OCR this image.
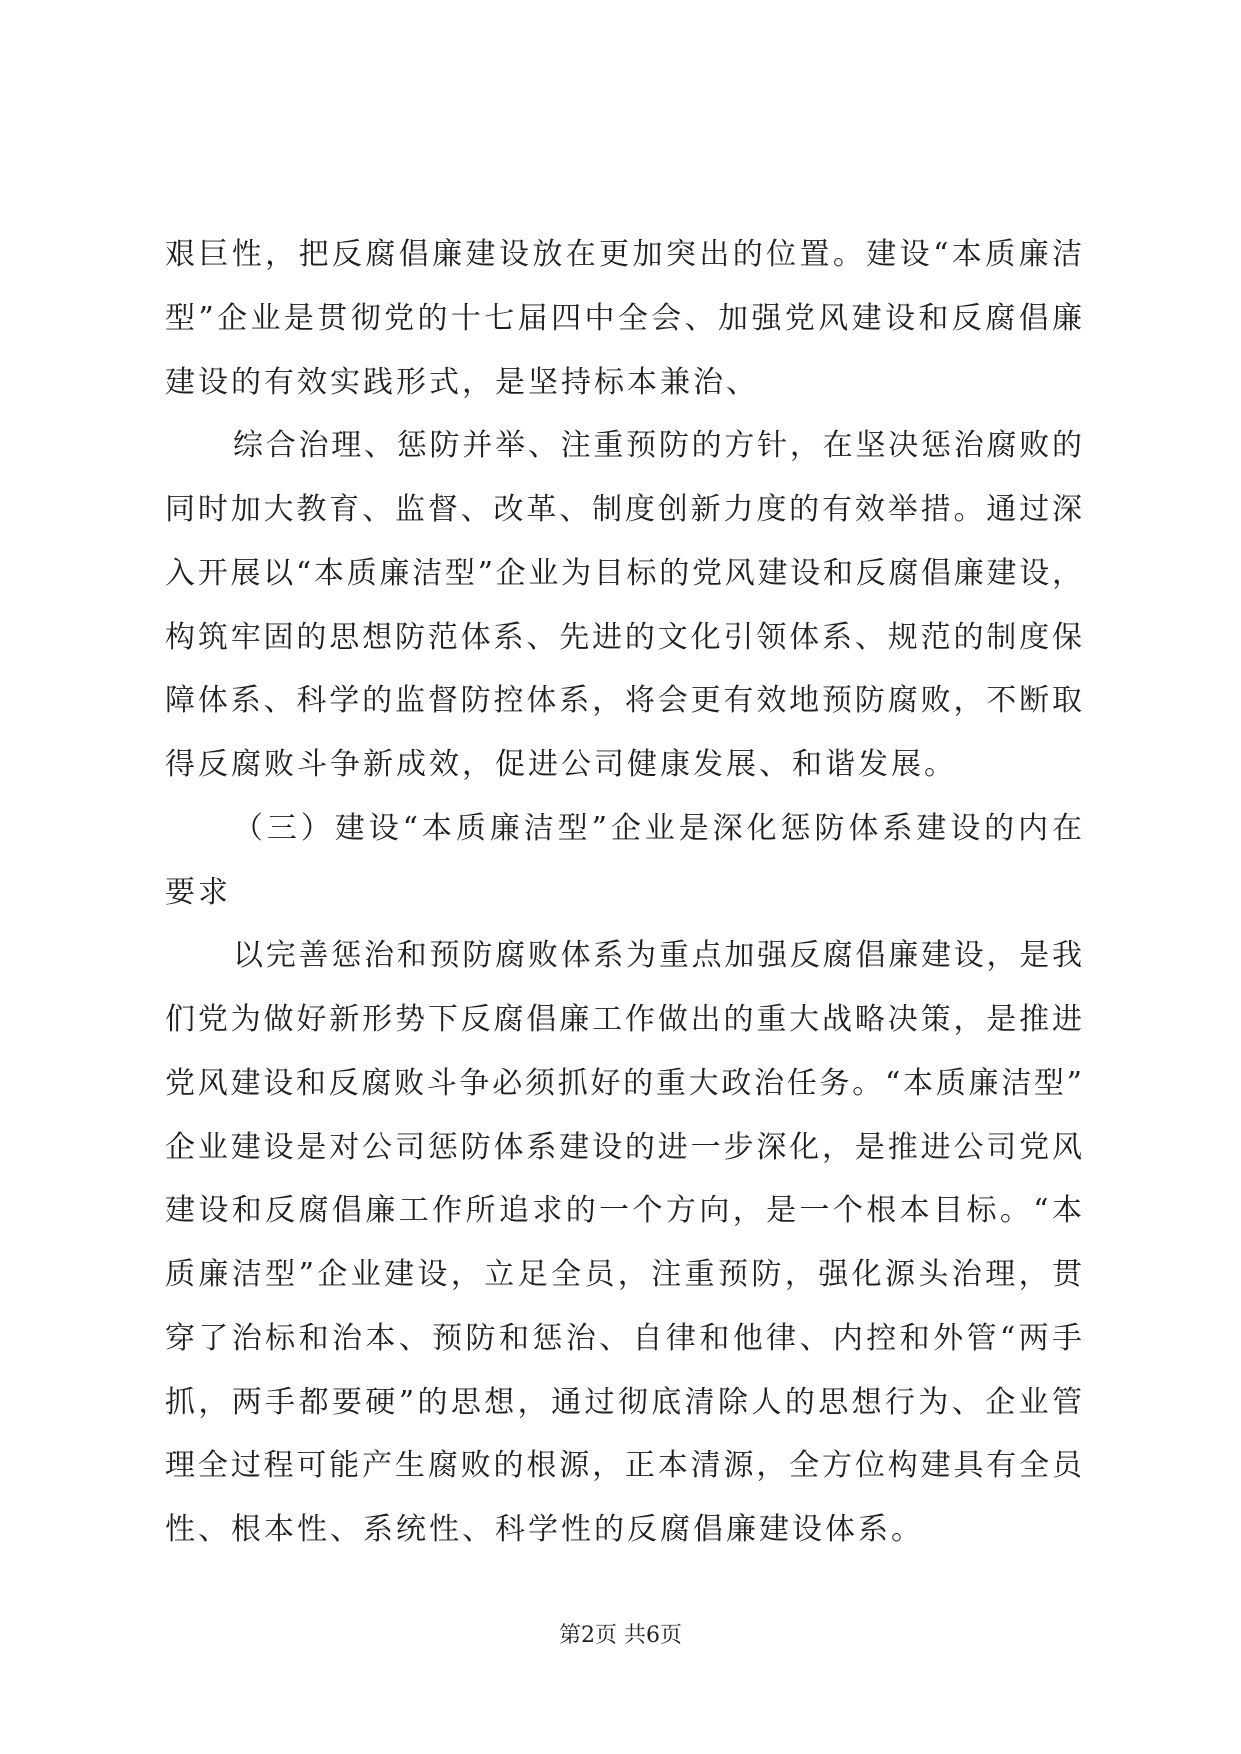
艰巨性，把反腐倡廉建设放在更加突出的位置。建设“本质廉洁
型”企业是贯彻党的十七届四中全会、加强党风建设和反腐倡廉
建设的有效实践形式，是坚持标本兼治、
综合治理、惩防并举、注重预防的方针，在坚决惩治腐败的
同时加大教育、监督、改革、制度创新力度的有效举措。通过深
入开展以“本质廉洁型”企业为目标的党风建设和反腐倡廉建设，
构筑牢固的思想防范体系、先进的文化引领体系、规范的制度保
障体系、科学的监督防控体系，将会更有效地预防腐败，不断取
得反腐败斗争新成效，促进公司健康发展、和谐发展。
（三）建设“本质廉洁型”企业是深化惩防体系建设的内在
要求
以完善惩治和预防腐败体系为重点加强反腐倡廉建设，是我
们党为做好新形势下反腐倡廉工作做出的重大战略决策，是推进
党风建设和反腐败斗争必须抓好的重大政治任务。“本质廉洁型”
企业建设是对公司惩防体系建设的进一步深化，是推进公司党风
建设和反腐倡廉工作所追求的一个方向，是一个根本目标。“本
质廉洁型”企业建设，立足全员，注重预防，强化源头治理，贯
穿了治标和治本、预防和惩治、自律和他律、内控和外管“两手
抓，两手都要硬”的思想，通过彻底清除人的思想行为、企业管
理全过程可能产生腐败的根源，正本清源，全方位构建具有全员
性、根本性、系统性、科学性的反腐倡廉建设体系。
第2页 共6页
